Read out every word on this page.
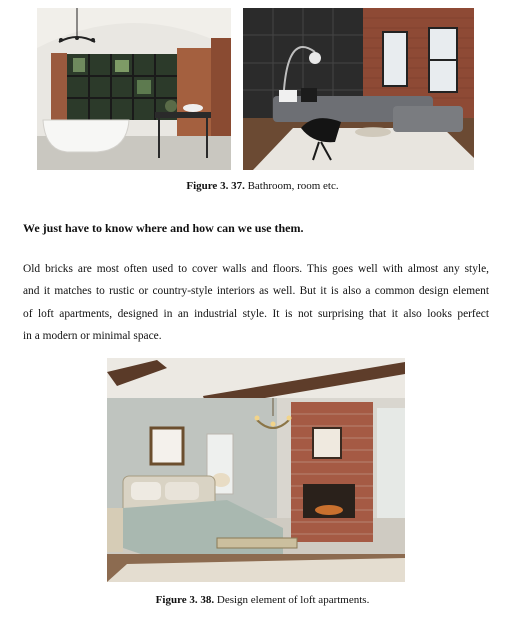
Figure 3. 37. Bathroom, room etc.
We just have to know where and how can we use them.
Old bricks are most often used to cover walls and floors. This goes well with almost any style,
and it matches to rustic or country-style interiors as well. But it is also a common design element
of loft apartments, designed in an industrial style. It is not surprising that it also looks perfect
in a modern or minimal space.
Figure 3. 38. Design element of loft apartments.
